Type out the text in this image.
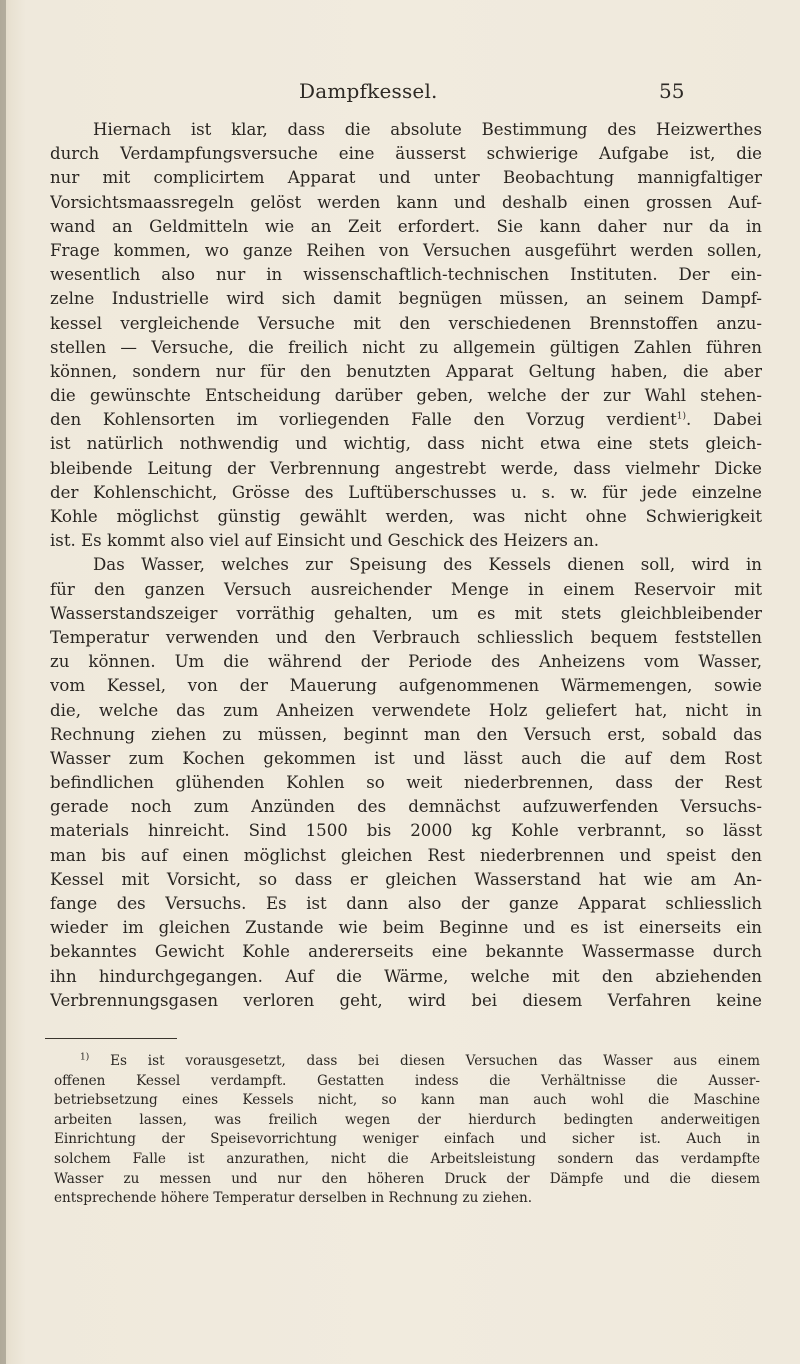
Dampfkessel.	55
Hiernach ist klar, dass die absolute Bestimmung des Heizwerthes
durch Verdampfungsversuche eine äusserst schwierige Aufgabe ist, die
nur mit complicirtem Apparat und unter Beobachtung mannigfaltiger
Vorsichtsmaassregeln gelöst werden kann und deshalb einen grossen Auf-
wand an Geldmitteln wie an Zeit erfordert. Sie kann daher nur da in
Frage kommen, wo ganze Reihen von Versuchen ausgeführt werden sollen,
wesentlich also nur in wissenschaftlich-technischen Instituten. Der ein-
zelne Industrielle wird sich damit begnügen müssen, an seinem Dampf-
kessel vergleichende Versuche mit den verschiedenen Brennstoffen anzu-
stellen — Versuche, die freilich nicht zu allgemein gültigen Zahlen führen
können, sondern nur für den benutzten Apparat Geltung haben, die aber
die gewünschte Entscheidung darüber geben, welche der zur Wahl stehen-
den Kohlensorten im vorliegenden Falle den Vorzug verdient$^{1)}$. Dabei
ist natürlich nothwendig und wichtig, dass nicht etwa eine stets gleich-
bleibende Leitung der Verbrennung angestrebt werde, dass vielmehr Dicke
der Kohlenschicht, Grösse des Luftüberschusses u. s. w. für jede einzelne
Kohle möglichst günstig gewählt werden, was nicht ohne Schwierigkeit
ist. Es kommt also viel auf Einsicht und Geschick des Heizers an.
Das Wasser, welches zur Speisung des Kessels dienen soll, wird in
für den ganzen Versuch ausreichender Menge in einem Reservoir mit
Wasserstandszeiger vorräthig gehalten, um es mit stets gleichbleibender
Temperatur verwenden und den Verbrauch schliesslich bequem feststellen
zu können. Um die während der Periode des Anheizens vom Wasser,
vom Kessel, von der Mauerung aufgenommenen Wärmemengen, sowie
die, welche das zum Anheizen verwendete Holz geliefert hat, nicht in
Rechnung ziehen zu müssen, beginnt man den Versuch erst, sobald das
Wasser zum Kochen gekommen ist und lässt auch die auf dem Rost
befindlichen glühenden Kohlen so weit niederbrennen, dass der Rest
gerade noch zum Anzünden des demnächst aufzuwerfenden Versuchs-
materials hinreicht. Sind 1500 bis 2000 kg Kohle verbrannt, so lässt
man bis auf einen möglichst gleichen Rest niederbrennen und speist den
Kessel mit Vorsicht, so dass er gleichen Wasserstand hat wie am An-
fange des Versuchs. Es ist dann also der ganze Apparat schliesslich
wieder im gleichen Zustande wie beim Beginne und es ist einerseits ein
bekanntes Gewicht Kohle andererseits eine bekannte Wassermasse durch
ihn hindurchgegangen. Auf die Wärme, welche mit den abziehenden
Verbrennungsgasen verloren geht, wird bei diesem Verfahren keine
$^{1)}$ Es ist vorausgesetzt, dass bei diesen Versuchen das Wasser aus einem
offenen Kessel verdampft. Gestatten indess die Verhältnisse die Ausser-
betriebsetzung eines Kessels nicht, so kann man auch wohl die Maschine
arbeiten lassen, was freilich wegen der hierdurch bedingten anderweitigen
Einrichtung der Speisevorrichtung weniger einfach und sicher ist. Auch in
solchem Falle ist anzurathen, nicht die Arbeitsleistung sondern das verdampfte
Wasser zu messen und nur den höheren Druck der Dämpfe und die diesem
entsprechende höhere Temperatur derselben in Rechnung zu ziehen.
